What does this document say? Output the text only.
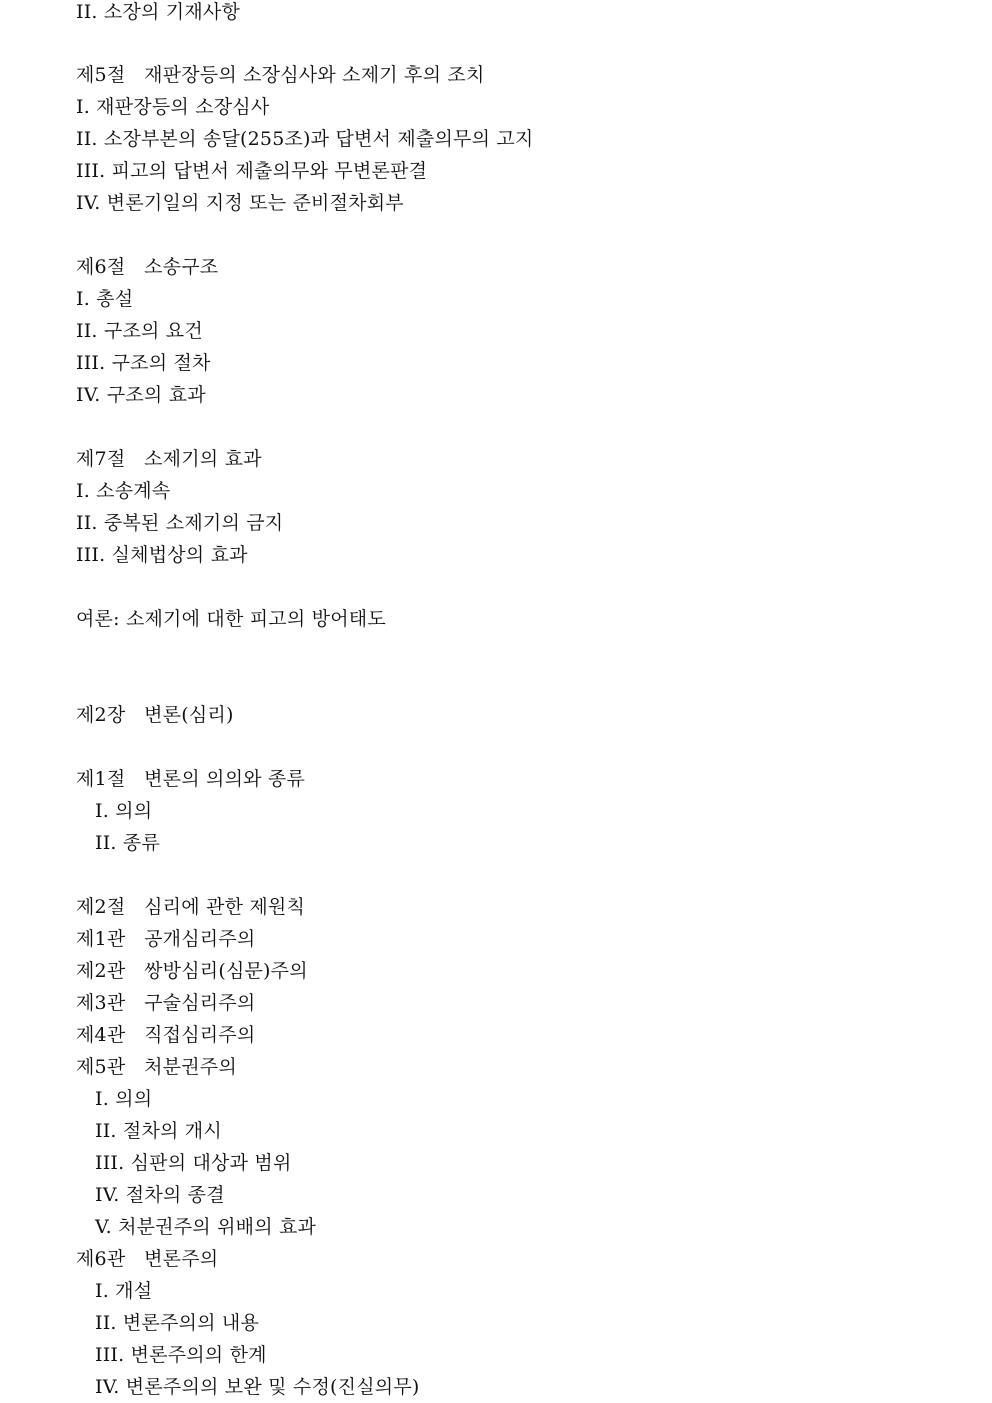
II. 소장의 기재사항
제5절   재판장등의 소장심사와 소제기 후의 조치
I. 재판장등의 소장심사
II. 소장부본의 송달(255조)과 답변서 제출의무의 고지
III. 피고의 답변서 제출의무와 무변론판결
IV. 변론기일의 지정 또는 준비절차회부
제6절   소송구조
I. 총설
II. 구조의 요건
III. 구조의 절차
IV. 구조의 효과
제7절   소제기의 효과
I. 소송계속
II. 중복된 소제기의 금지
III. 실체법상의 효과
여론: 소제기에 대한 피고의 방어태도
제2장   변론(심리)
제1절   변론의 의의와 종류
I. 의의
II. 종류
제2절   심리에 관한 제원칙
제1관   공개심리주의
제2관   쌍방심리(심문)주의
제3관   구술심리주의
제4관   직접심리주의
제5관   처분권주의
I. 의의
II. 절차의 개시
III. 심판의 대상과 범위
IV. 절차의 종결
V. 처분권주의 위배의 효과
제6관   변론주의
I. 개설
II. 변론주의의 내용
III. 변론주의의 한계
IV. 변론주의의 보완 및 수정(진실의무)
